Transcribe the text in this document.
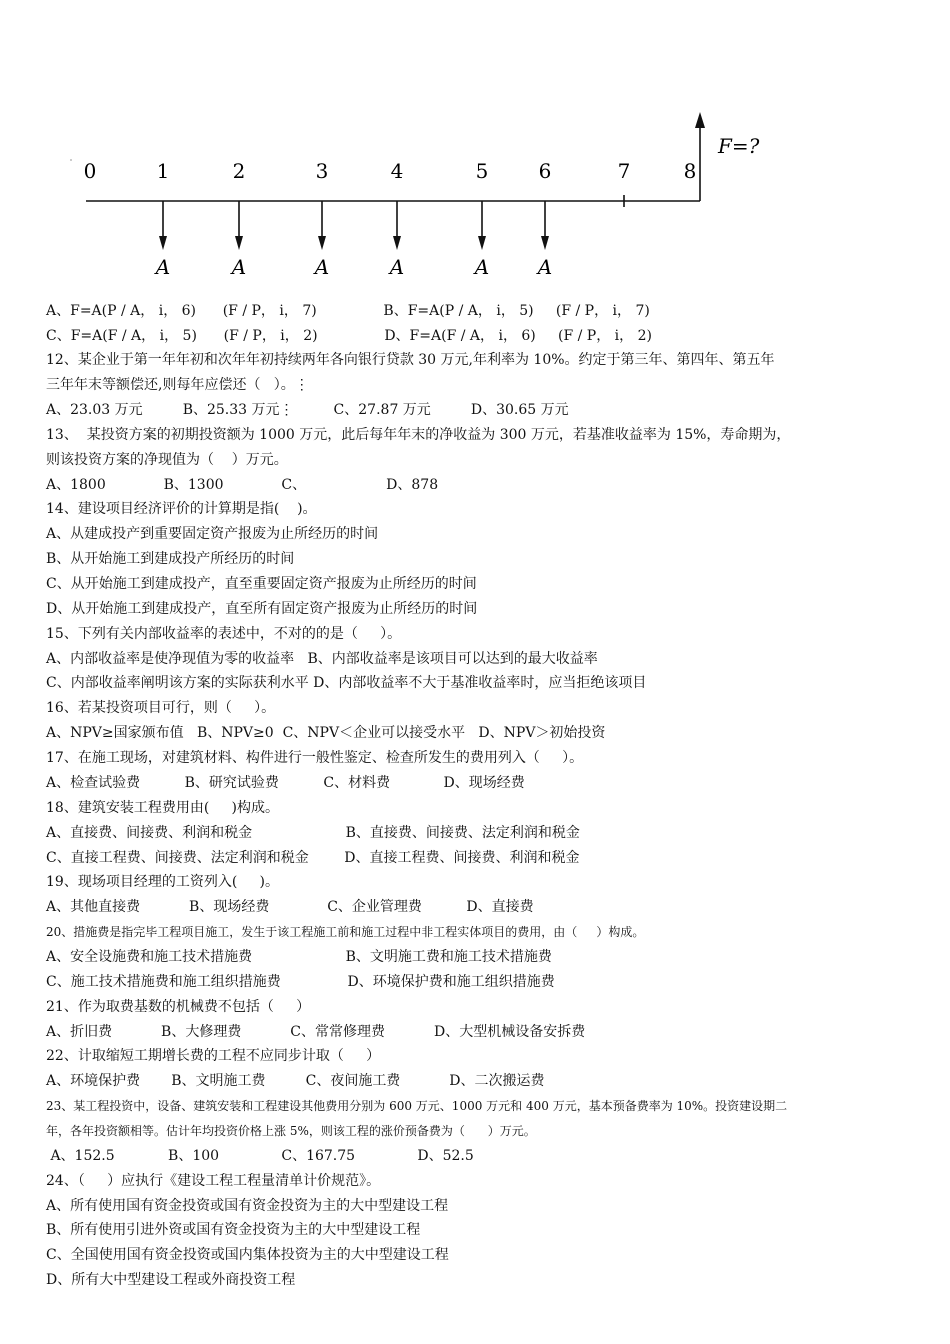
0	1	2	3	4	5	6	7	8
A	A	A	A	A A
F=?
A、F=A(P / A， i， 6)      (F / P， i， 7)               B、F=A(P / A， i， 5)     (F / P， i， 7)
C、F=A(F / A， i， 5)      (F / P， i， 2)               D、F=A(F / A， i， 6)     (F / P， i， 2)
12、某企业于第一年年初和次年年初持续两年各向银行贷款 30 万元,年利率为 10%。约定于第三年、第四年、第五年
三年年末等额偿还,则每年应偿还（   ）。⋮
A、23.03 万元         B、25.33 万元⋮         C、27.87 万元         D、30.65 万元
13、  某投资方案的初期投资额为 1000 万元，此后每年年末的净收益为 300 万元，若基准收益率为 15%，寿命期为，
则该投资方案的净现值为（    ）万元。
A、1800             B、1300             C、                  D、878
14、建设项目经济评价的计算期是指(    )。
A、从建成投产到重要固定资产报废为止所经历的时间
B、从开始施工到建成投产所经历的时间
C、从开始施工到建成投产，直至重要固定资产报废为止所经历的时间
D、从开始施工到建成投产，直至所有固定资产报废为止所经历的时间
15、下列有关内部收益率的表述中，不对的的是（     ）。
A、内部收益率是使净现值为零的收益率   B、内部收益率是该项目可以达到的最大收益率
C、内部收益率阐明该方案的实际获利水平 D、内部收益率不大于基准收益率时，应当拒绝该项目
16、若某投资项目可行，则（     ）。
A、NPV≥国家颁布值   B、NPV≥0  C、NPV＜企业可以接受水平   D、NPV＞初始投资
17、在施工现场，对建筑材料、构件进行一般性鉴定、检查所发生的费用列入（     ）。
A、检查试验费          B、研究试验费          C、材料费            D、现场经费
18、建筑安装工程费用由(     )构成。
A、直接费、间接费、利润和税金                     B、直接费、间接费、法定利润和税金
C、直接工程费、间接费、法定利润和税金        D、直接工程费、间接费、利润和税金
19、现场项目经理的工资列入(     )。
A、其他直接费           B、现场经费             C、企业管理费          D、直接费
20、措施费是指完毕工程项目施工，发生于该工程施工前和施工过程中非工程实体项目的费用，由（     ）构成。
A、安全设施费和施工技术措施费                     B、文明施工费和施工技术措施费
C、施工技术措施费和施工组织措施费               D、环境保护费和施工组织措施费
21、作为取费基数的机械费不包括（     ）
A、折旧费           B、大修理费           C、常常修理费           D、大型机械设备安拆费
22、计取缩短工期增长费的工程不应同步计取（     ）
A、环境保护费       B、文明施工费         C、夜间施工费           D、二次搬运费
23、某工程投资中，设备、建筑安装和工程建设其他费用分别为 600 万元、1000 万元和 400 万元，基本预备费率为 10%。投资建设期二
年，各年投资额相等。估计年均投资价格上涨 5%，则该工程的涨价预备费为（      ）万元。
A、152.5            B、100              C、167.75              D、52.5
24、（     ）应执行《建设工程工程量清单计价规范》。
A、所有使用国有资金投资或国有资金投资为主的大中型建设工程
B、所有使用引进外资或国有资金投资为主的大中型建设工程
C、全国使用国有资金投资或国内集体投资为主的大中型建设工程
D、所有大中型建设工程或外商投资工程
